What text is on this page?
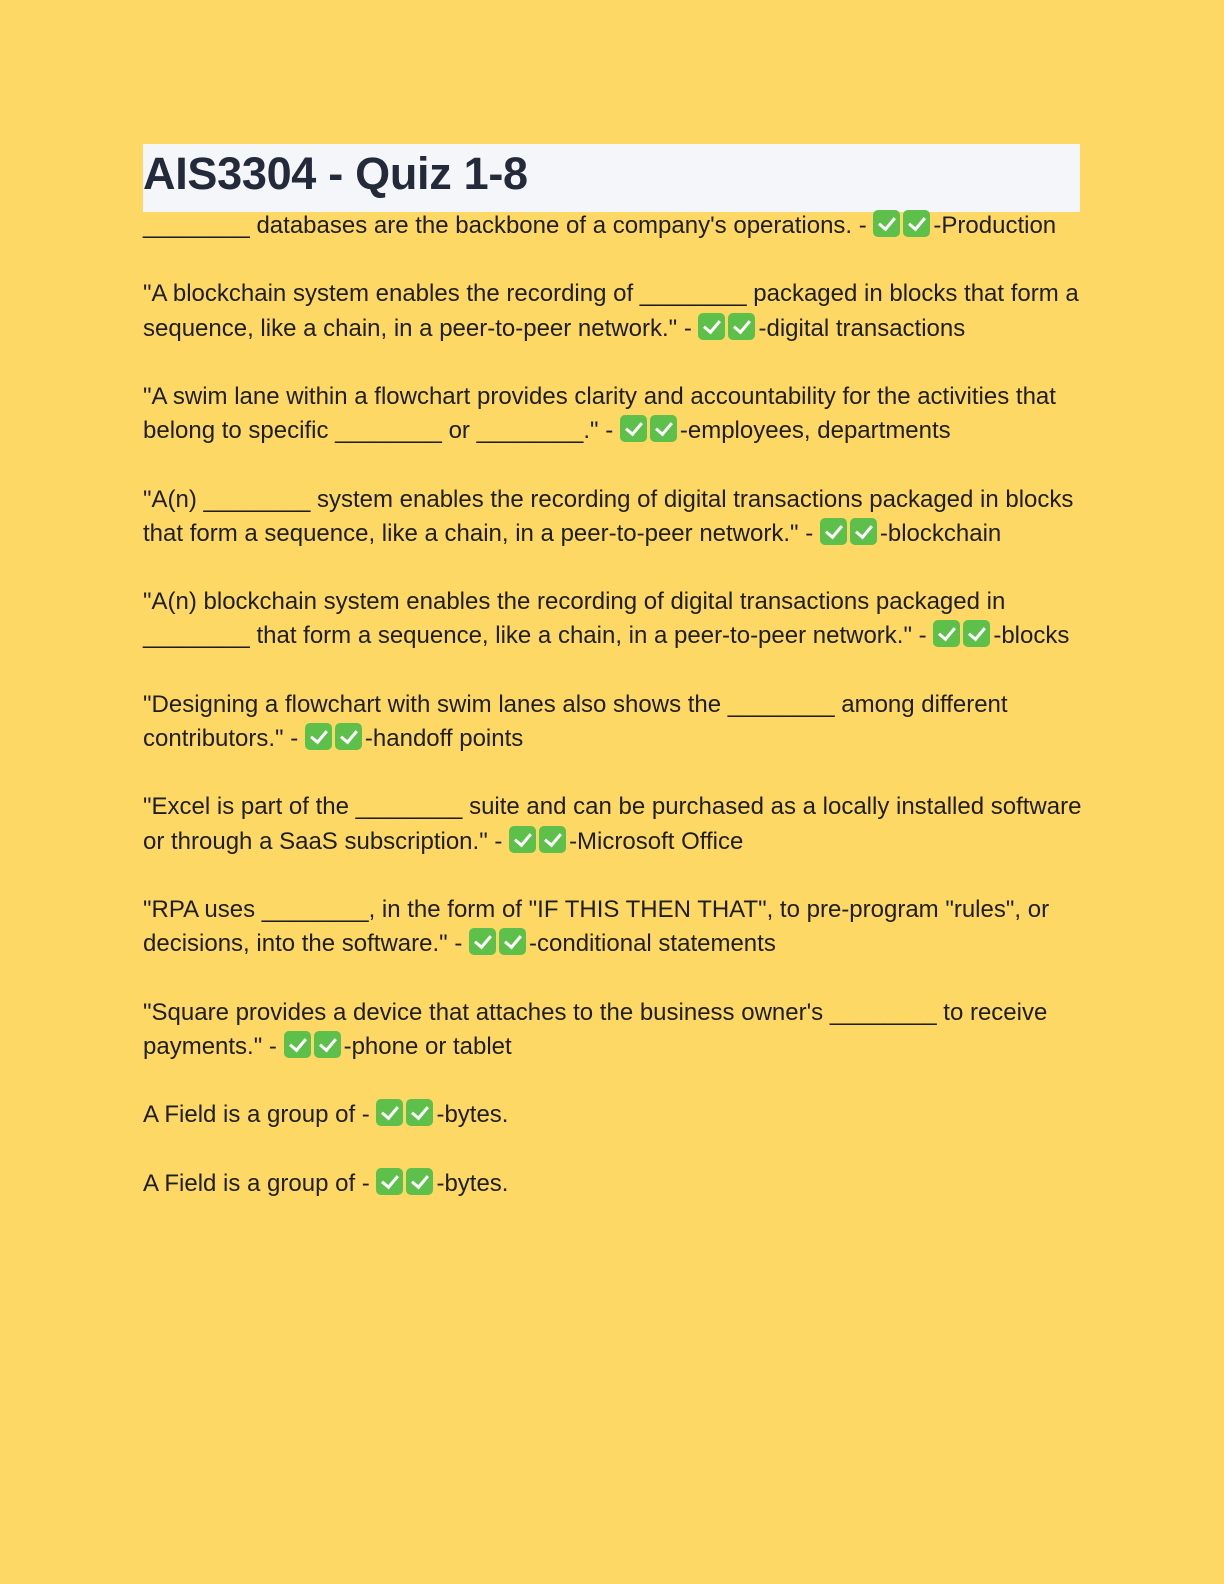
AIS3304 - Quiz 1-8

________ databases are the backbone of a company's operations. -	-Production

"A blockchain system enables the recording of ________ packaged in blocks that form a sequence, like a chain, in a peer-to-peer network." -	-digital transactions

"A swim lane within a flowchart provides clarity and accountability for the activities that belong to specific ________ or ________." -	-employees, departments

"A(n) ________ system enables the recording of digital transactions packaged in blocks that form a sequence, like a chain, in a peer-to-peer network." -	-blockchain

"A(n) blockchain system enables the recording of digital transactions packaged in ________ that form a sequence, like a chain, in a peer-to-peer network." -	-blocks

"Designing a flowchart with swim lanes also shows the ________ among different contributors." -	-handoff points

"Excel is part of the ________ suite and can be purchased as a locally installed software or through a SaaS subscription." -	-Microsoft Office

"RPA uses ________, in the form of "IF THIS THEN THAT", to pre-program "rules", or decisions, into the software." -	-conditional statements

"Square provides a device that attaches to the business owner's ________ to receive payments." -	-phone or tablet

A Field is a group of -	-bytes.

A Field is a group of -	-bytes.
